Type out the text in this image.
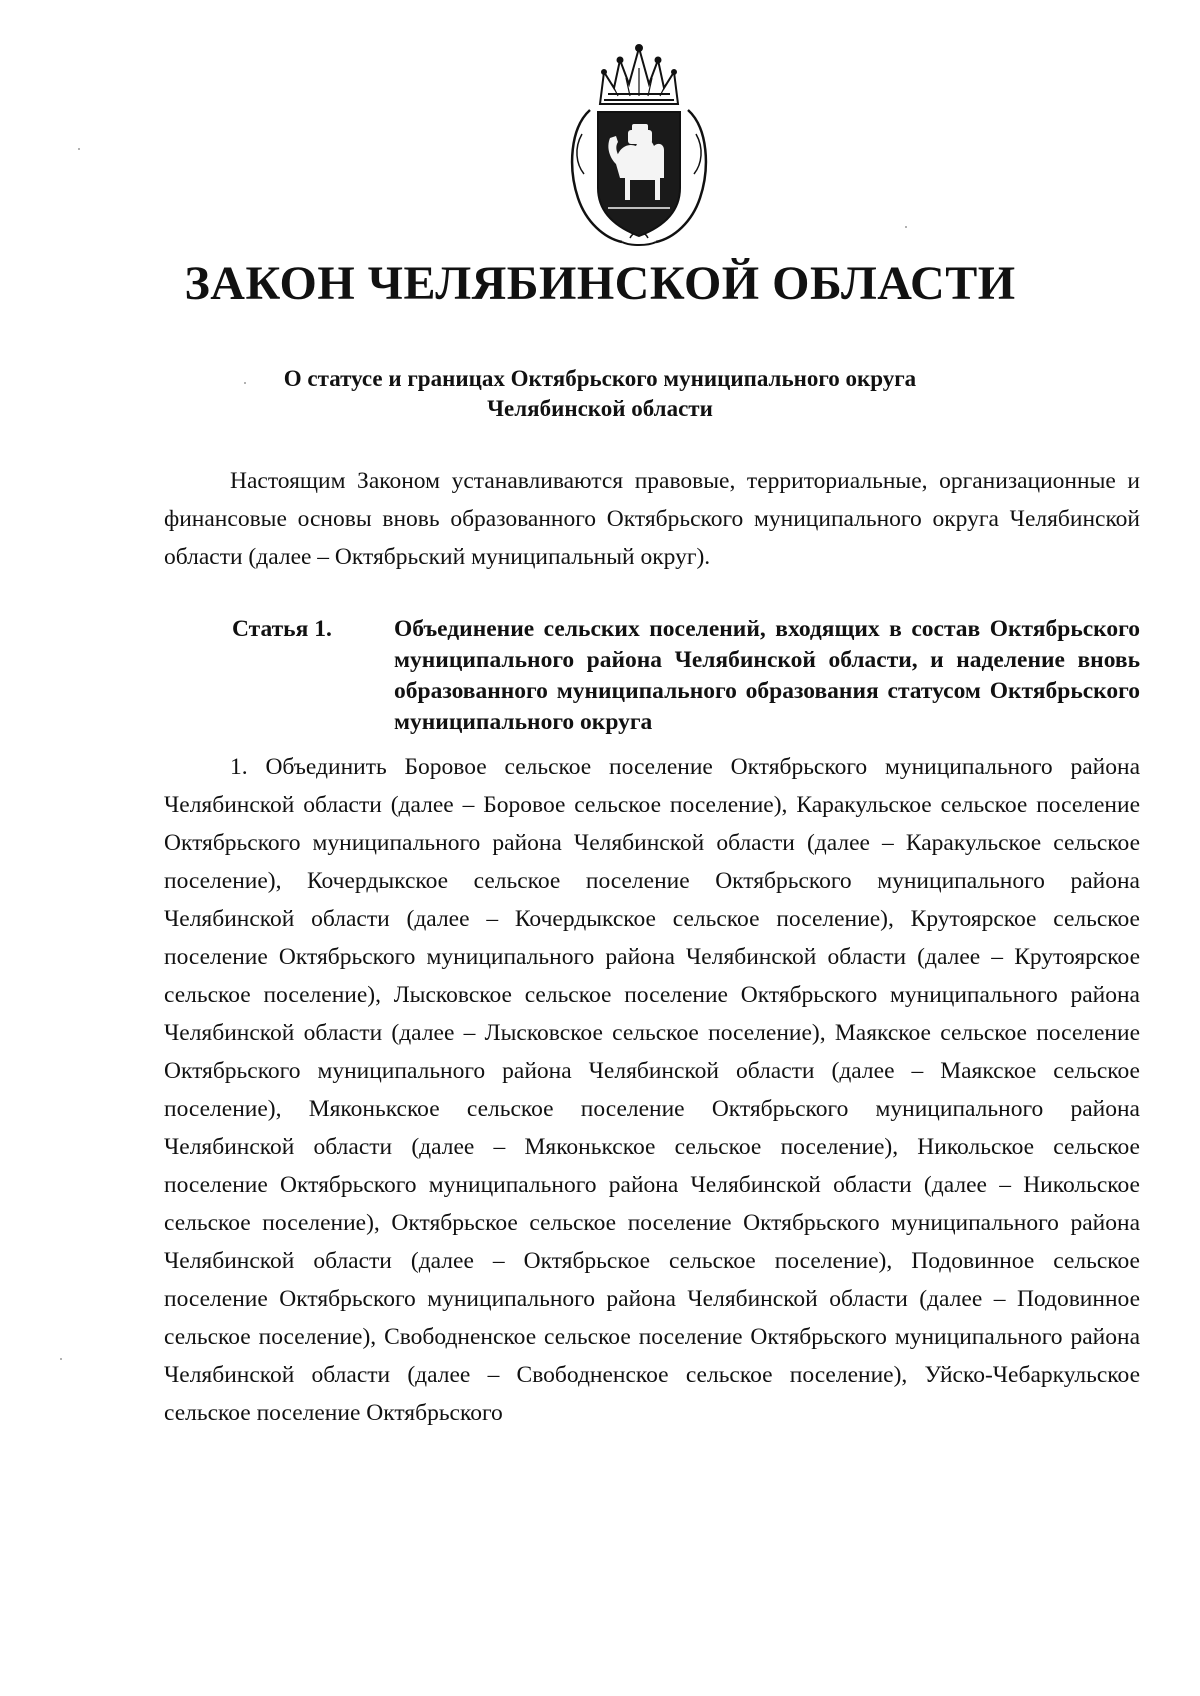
ЗАКОН ЧЕЛЯБИНСКОЙ ОБЛАСТИ
О статусе и границах Октябрьского муниципального округа
Челябинской области

Настоящим Законом устанавливаются правовые, территориальные, организационные и финансовые основы вновь образованного Октябрьского муниципального округа Челябинской области (далее – Октябрьский муниципальный округ).

Статья 1.	Объединение сельских поселений, входящих в состав Октябрьского муниципального района Челябинской области, и наделение вновь образованного муниципального образования статусом Октябрьского муниципального округа

1. Объединить Боровое сельское поселение Октябрьского муниципального района Челябинской области (далее – Боровое сельское поселение), Каракульское сельское поселение Октябрьского муниципального района Челябинской области (далее – Каракульское сельское поселение), Кочердыкское сельское поселение Октябрьского муниципального района Челябинской области (далее – Кочердыкское сельское поселение), Крутоярское сельское поселение Октябрьского муниципального района Челябинской области (далее – Крутоярское сельское поселение), Лысковское сельское поселение Октябрьского муниципального района Челябинской области (далее – Лысковское сельское поселение), Маякское сельское поселение Октябрьского муниципального района Челябинской области (далее – Маякское сельское поселение), Мяконькское сельское поселение Октябрьского муниципального района Челябинской области (далее – Мяконькское сельское поселение), Никольское сельское поселение Октябрьского муниципального района Челябинской области (далее – Никольское сельское поселение), Октябрьское сельское поселение Октябрьского муниципального района Челябинской области (далее – Октябрьское сельское поселение), Подовинное сельское поселение Октябрьского муниципального района Челябинской области (далее – Подовинное сельское поселение), Свободненское сельское поселение Октябрьского муниципального района Челябинской области (далее – Свободненское сельское поселение), Уйско-Чебаркульское сельское поселение Октябрьского
